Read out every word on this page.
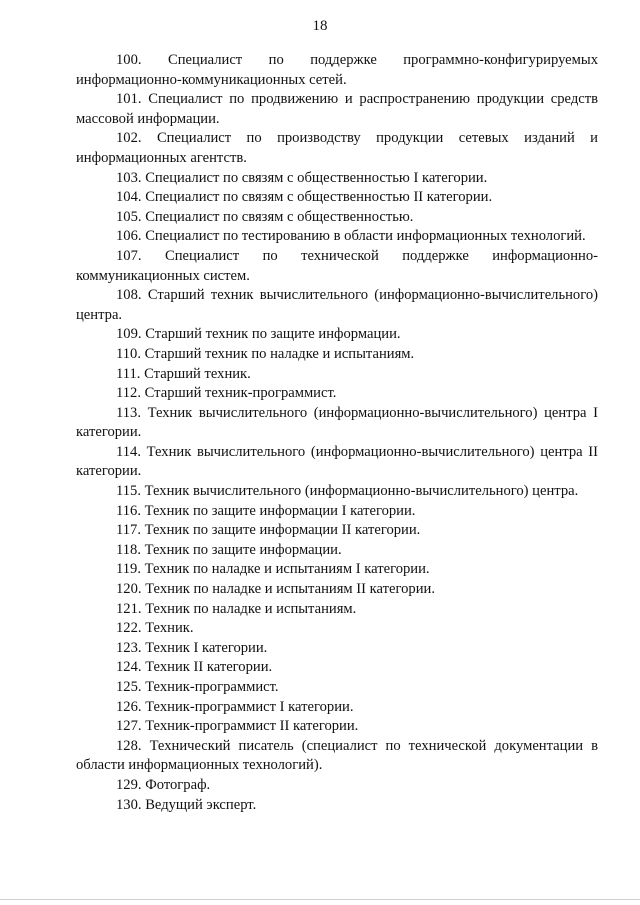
18

100. Специалист по поддержке программно-конфигурируемых информационно-коммуникационных сетей.

101. Специалист по продвижению и распространению продукции средств массовой информации.

102. Специалист по производству продукции сетевых изданий и информационных агентств.

103. Специалист по связям с общественностью I категории.

104. Специалист по связям с общественностью II категории.

105. Специалист по связям с общественностью.

106. Специалист по тестированию в области информационных технологий.

107. Специалист по технической поддержке информационно-коммуникационных систем.

108. Старший техник вычислительного (информационно-вычислительного) центра.

109. Старший техник по защите информации.

110. Старший техник по наладке и испытаниям.

111. Старший техник.

112. Старший техник-программист.

113. Техник вычислительного (информационно-вычислительного) центра I категории.

114. Техник вычислительного (информационно-вычислительного) центра II категории.

115. Техник вычислительного (информационно-вычислительного) центра.

116. Техник по защите информации I категории.

117. Техник по защите информации II категории.

118. Техник по защите информации.

119. Техник по наладке и испытаниям I категории.

120. Техник по наладке и испытаниям II категории.

121. Техник по наладке и испытаниям.

122. Техник.

123. Техник I категории.

124. Техник II категории.

125. Техник-программист.

126. Техник-программист I категории.

127. Техник-программист II категории.

128. Технический писатель (специалист по технической документации в области информационных технологий).

129. Фотограф.

130. Ведущий эксперт.
